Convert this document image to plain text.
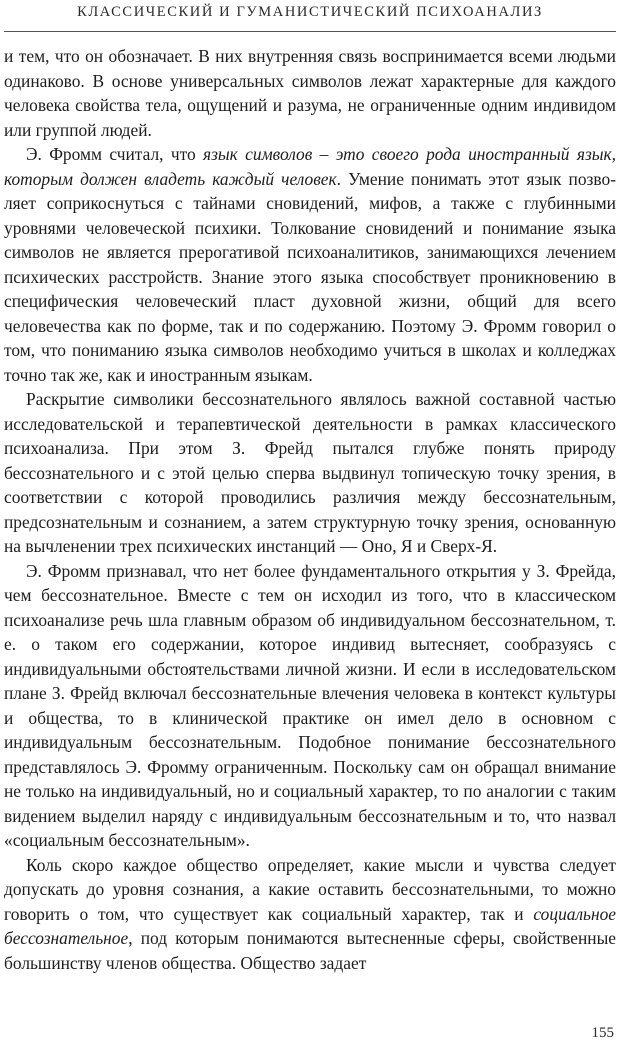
КЛАССИЧЕСКИЙ И ГУМАНИСТИЧЕСКИЙ ПСИХОАНАЛИЗ

и тем, что он обозначает. В них внутренняя связь воспринимается всеми людьми одинаково. В основе универсальных символов лежат характерные для каждого человека свойства тела, ощущений и разума, не ограниченные одним индивидом или группой людей.

Э. Фромм считал, что язык символов – это своего рода иностранный язык, которым должен владеть каждый человек. Умение понимать этот язык позволяет соприкоснуться с тайнами сновидений, мифов, а также с глубинными уровнями человеческой психики. Толкование сновидений и понимание языка символов не является прерогативой психоаналитиков, занимающихся лечением психических расстройств. Знание этого языка способствует проникновению в специфическия человеческий пласт духовной жизни, общий для всего человечества как по форме, так и по содержанию. Поэтому Э. Фромм говорил о том, что пониманию языка символов необходимо учиться в школах и колледжах точно так же, как и иностранным языкам.

Раскрытие символики бессознательного являлось важной составной частью исследовательской и терапевтической деятельности в рамках классического психоанализа. При этом З. Фрейд пытался глубже понять природу бессознательного и с этой целью сперва выдвинул топическую точку зрения, в соответствии с которой проводились различия между бессознательным, предсознательным и сознанием, а затем структурную точку зрения, основанную на вычленении трех психических инстанций — Оно, Я и Сверх-Я.

Э. Фромм признавал, что нет более фундаментального открытия у З. Фрейда, чем бессознательное. Вместе с тем он исходил из того, что в классическом психоанализе речь шла главным образом об индивидуальном бессознательном, т. е. о таком его содержании, которое индивид вытесняет, сообразуясь с индивидуальными обстоятельствами личной жизни. И если в исследовательском плане З. Фрейд включал бессознательные влечения человека в контекст культуры и общества, то в клинической практике он имел дело в основном с индивидуальным бессознательным. Подобное понимание бессознательного представлялось Э. Фромму ограниченным. Поскольку сам он обращал внимание не только на индивидуальный, но и социальный характер, то по аналогии с таким видением выделил наряду с индивидуальным бессознательным и то, что назвал «социальным бессознательным».

Коль скоро каждое общество определяет, какие мысли и чувства следует допускать до уровня сознания, а какие оставить бессознательными, то можно говорить о том, что существует как социальный характер, так и социальное бессознательное, под которым понимаются вытесненные сферы, свойственные большинству членов общества. Общество задает

155
